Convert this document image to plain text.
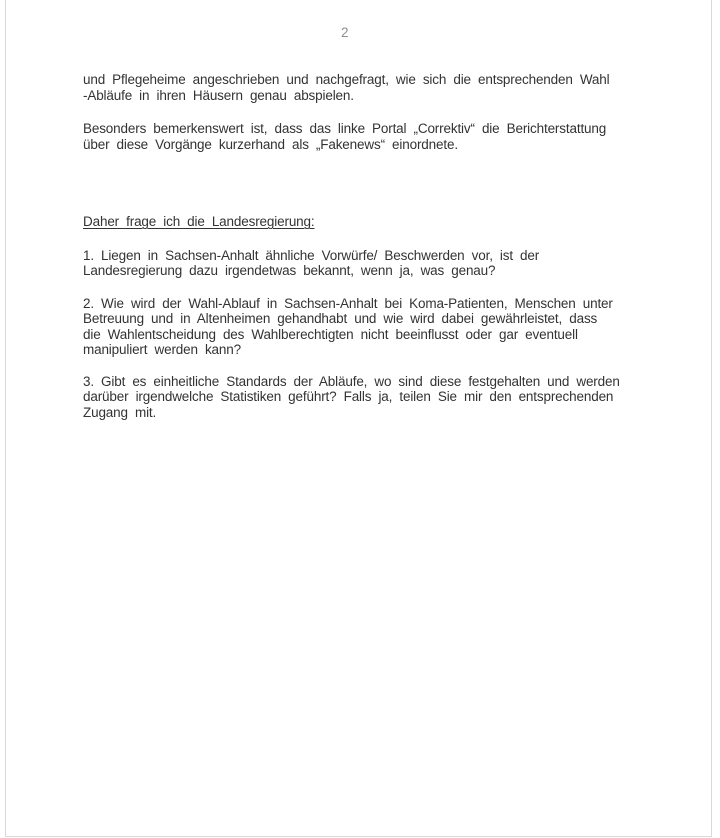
2
und Pflegeheime angeschrieben und nachgefragt, wie sich die entsprechenden Wahl
-Abläufe in ihren Häusern genau abspielen.
Besonders bemerkenswert ist, dass das linke Portal „Correktiv“ die Berichterstattung
über diese Vorgänge kurzerhand als „Fakenews“ einordnete.
Daher frage ich die Landesregierung:
1. Liegen in Sachsen-Anhalt ähnliche Vorwürfe/ Beschwerden vor, ist der
Landesregierung dazu irgendetwas bekannt, wenn ja, was genau?
2. Wie wird der Wahl-Ablauf in Sachsen-Anhalt bei Koma-Patienten, Menschen unter
Betreuung und in Altenheimen gehandhabt und wie wird dabei gewährleistet, dass
die Wahlentscheidung des Wahlberechtigten nicht beeinflusst oder gar eventuell
manipuliert werden kann?
3. Gibt es einheitliche Standards der Abläufe, wo sind diese festgehalten und werden
darüber irgendwelche Statistiken geführt? Falls ja, teilen Sie mir den entsprechenden
Zugang mit.
